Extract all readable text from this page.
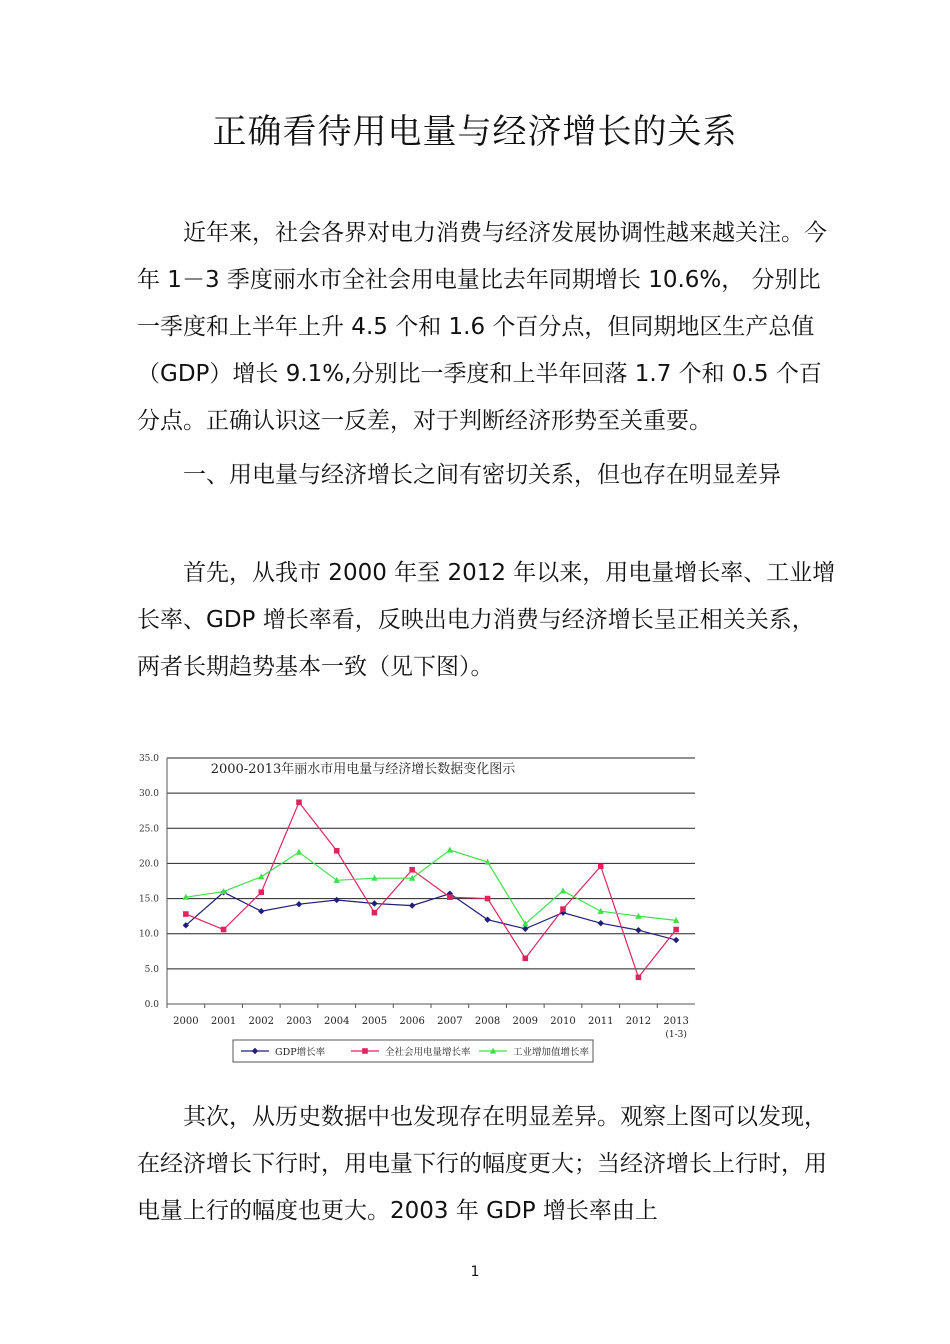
正确看待用电量与经济增长的关系

近年来，社会各界对电力消费与经济发展协调性越来越关注。今年 1－3 季度丽水市全社会用电量比去年同期增长 10.6%， 分别比一季度和上半年上升 4.5 个和 1.6 个百分点，但同期地区生产总值（GDP）增长 9.1%,分别比一季度和上半年回落 1.7 个和 0.5 个百分点。正确认识这一反差，对于判断经济形势至关重要。

一、用电量与经济增长之间有密切关系，但也存在明显差异

首先，从我市 2000 年至 2012 年以来，用电量增长率、工业增长率、GDP 增长率看，反映出电力消费与经济增长呈正相关关系，两者长期趋势基本一致（见下图）。

0.0
5.0
10.0
15.0
20.0
25.0
30.0
35.0
2000 2001 2002 2003 2004 2005 2006 2007 2008 2009 2010 2011 2012 2013
(1-3)
2000-2013年丽水市用电量与经济增长数据变化图示
GDP增长率	全社会用电量增长率	工业增加值增长率

其次，从历史数据中也发现存在明显差异。观察上图可以发现，在经济增长下行时，用电量下行的幅度更大；当经济增长上行时，用电量上行的幅度也更大。2003 年 GDP 增长率由上

1
